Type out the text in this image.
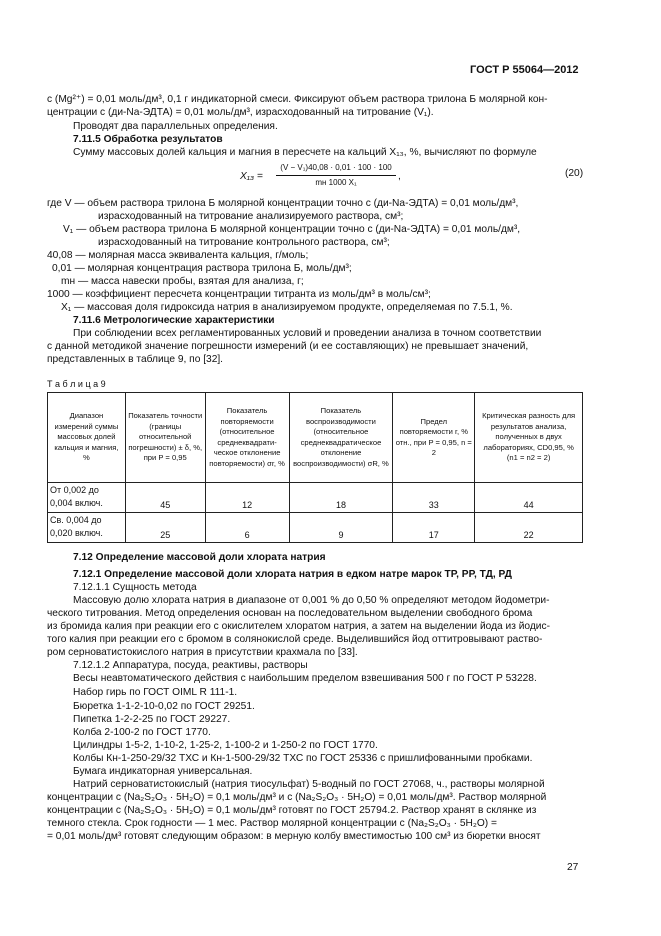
ГОСТ Р 55064—2012
с (Mg²⁺) = 0,01 моль/дм³, 0,1 г индикаторной смеси. Фиксируют объем раствора трилона Б молярной кон-
центрации с (ди-Na-ЭДТА) = 0,01 моль/дм³, израсходованный на титрование (V₁).
Проводят два параллельных определения.
7.11.5 Обработка результатов
Сумму массовых долей кальция и магния в пересчете на кальций X₁₃, %, вычисляют по формуле
X₁₃ =
(V − V₁)40,08 · 0,01 · 100 · 100
mн 1000 X₁
,	(20)
где V — объем раствора трилона Б молярной концентрации точно с (ди-Na-ЭДТА) = 0,01 моль/дм³,
израсходованный на титрование анализируемого раствора, см³;
V₁ — объем раствора трилона Б молярной концентрации точно с (ди-Na-ЭДТА) = 0,01 моль/дм³,
израсходованный на титрование контрольного раствора, см³;
40,08 — молярная масса эквивалента кальция, г/моль;
0,01 — молярная концентрация раствора трилона Б, моль/дм³;
mн — масса навески пробы, взятая для анализа, г;
1000 — коэффициент пересчета концентрации титранта из моль/дм³ в моль/см³;
X₁ — массовая доля гидроксида натрия в анализируемом продукте, определяемая по 7.5.1, %.
7.11.6 Метрологические характеристики
При соблюдении всех регламентированных условий и проведении анализа в точном соответствии
с данной методикой значение погрешности измерений (и ее составляющих) не превышает значений,
представленных в таблице 9, по [32].
Т а б л и ц а 9
Диапазон измерений суммы массовых долей кальция и магния, %	Показатель точности (границы относительной погрешности) ± δ, %, при P = 0,95	Показатель повторяемости (относительное среднеквадратическое отклонение повторяемости) σr, %	Показатель воспроизводимости (относительное среднеквадратическое отклонение воспроизводимости) σR, %	Предел повторяемости r, % отн., при P = 0,95, n = 2	Критическая разность для результатов анализа, полученных в двух лабораториях, CD0,95, % (n1 = n2 = 2)

От 0,002 до
0,004 включ.	45	12	18	33	44

Св. 0,004 до
0,020 включ.	25	6	9	17	22
7.12 Определение массовой доли хлората натрия
7.12.1 Определение массовой доли хлората натрия в едком натре марок ТР, РР, ТД, РД
7.12.1.1 Сущность метода
Массовую долю хлората натрия в диапазоне от 0,001 % до 0,50 % определяют методом йодометри-
ческого титрования. Метод определения основан на последовательном выделении свободного брома
из бромида калия при реакции его с окислителем хлоратом натрия, а затем на выделении йода из йодис-
того калия при реакции его с бромом в солянокислой среде. Выделившийся йод оттитровывают раство-
ром серноватистокислого натрия в присутствии крахмала по [33].
7.12.1.2 Аппаратура, посуда, реактивы, растворы
Весы неавтоматического действия с наибольшим пределом взвешивания 500 г по ГОСТ Р 53228.
Набор гирь по ГОСТ OIML R 111-1.
Бюретка 1-1-2-10-0,02 по ГОСТ 29251.
Пипетка 1-2-2-25 по ГОСТ 29227.
Колба 2-100-2 по ГОСТ 1770.
Цилиндры 1-5-2, 1-10-2, 1-25-2, 1-100-2 и 1-250-2 по ГОСТ 1770.
Колбы Кн-1-250-29/32 ТХС и Кн-1-500-29/32 ТХС по ГОСТ 25336 с пришлифованными пробками.
Бумага индикаторная универсальная.
Натрий серноватистокислый (натрия тиосульфат) 5-водный по ГОСТ 27068, ч., растворы молярной
концентрации с (Na₂S₂O₃ · 5H₂O) = 0,1 моль/дм³ и с (Na₂S₂O₃ · 5H₂O) = 0,01 моль/дм³. Раствор молярной
концентрации с (Na₂S₂O₃ · 5H₂O) = 0,1 моль/дм³ готовят по ГОСТ 25794.2. Раствор хранят в склянке из
темного стекла. Срок годности — 1 мес. Раствор молярной концентрации с (Na₂S₂O₃ · 5H₂O) =
= 0,01 моль/дм³ готовят следующим образом: в мерную колбу вместимостью 100 см³ из бюретки вносят
27
